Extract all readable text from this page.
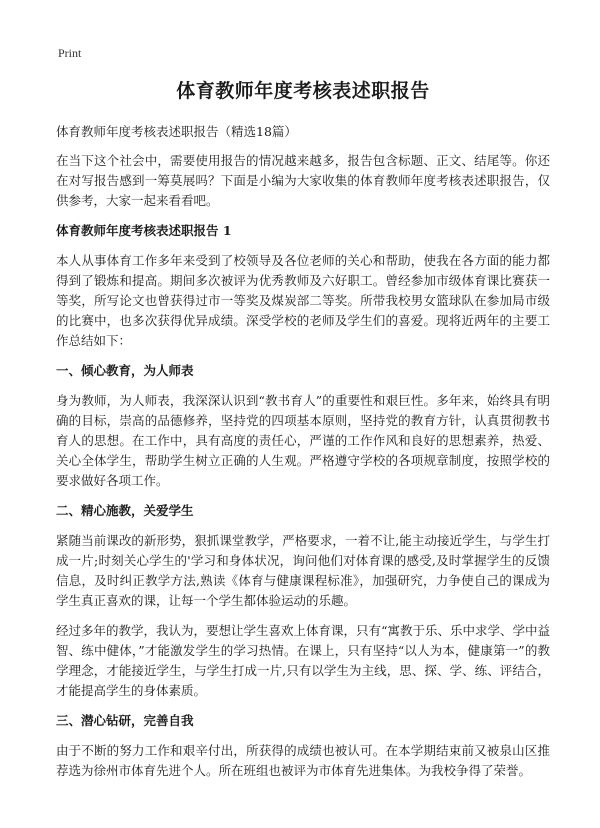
Print
体育教师年度考核表述职报告

体育教师年度考核表述职报告（精选18篇）

在当下这个社会中，需要使用报告的情况越来越多，报告包含标题、正文、结尾等。你还在对写报告感到一筹莫展吗？下面是小编为大家收集的体育教师年度考核表述职报告，仅供参考，大家一起来看看吧。

体育教师年度考核表述职报告 1

本人从事体育工作多年来受到了校领导及各位老师的关心和帮助，使我在各方面的能力都得到了锻炼和提高。期间多次被评为优秀教师及六好职工。曾经参加市级体育课比赛获一等奖，所写论文也曾获得过市一等奖及煤炭部二等奖。所带我校男女篮球队在参加局市级的比赛中，也多次获得优异成绩。深受学校的老师及学生们的喜爱。现将近两年的主要工作总结如下：

一、倾心教育，为人师表

身为教师，为人师表，我深深认识到“教书育人”的重要性和艰巨性。多年来，始终具有明确的目标，崇高的品德修养，坚持党的四项基本原则，坚持党的教育方针，认真贯彻教书育人的思想。在工作中，具有高度的责任心，严谨的工作作风和良好的思想素养，热爱、关心全体学生，帮助学生树立正确的人生观。严格遵守学校的各项规章制度，按照学校的要求做好各项工作。

二、精心施教，关爱学生

紧随当前课改的新形势，狠抓课堂教学，严格要求，一着不让,能主动接近学生，与学生打成一片;时刻关心学生的'学习和身体状况，询问他们对体育课的感受,及时掌握学生的反馈信息，及时纠正教学方法,熟读《体育与健康课程标准》，加强研究，力争使自己的课成为学生真正喜欢的课，让每一个学生都体验运动的乐趣。

经过多年的教学，我认为，要想让学生喜欢上体育课，只有“寓教于乐、乐中求学、学中益智、练中健体，”才能激发学生的学习热情。在课上，只有坚持“以人为本，健康第一”的教学理念，才能接近学生，与学生打成一片,只有以学生为主线，思、探、学、练、评结合，才能提高学生的身体素质。

三、潜心钻研，完善自我

由于不断的努力工作和艰辛付出，所获得的成绩也被认可。在本学期结束前又被泉山区推荐选为徐州市体育先进个人。所在班组也被评为市体育先进集体。为我校争得了荣誉。
